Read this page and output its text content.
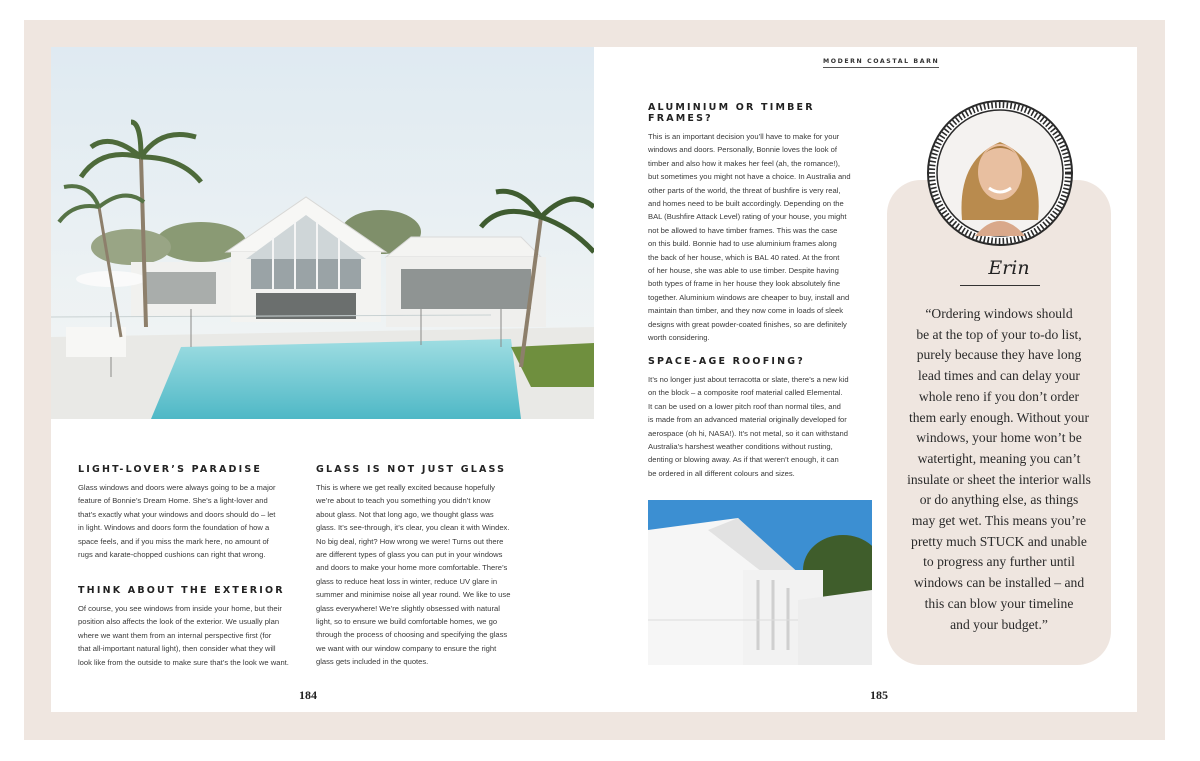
LIGHT-LOVER’S PARADISE

Glass windows and doors were always going to be a major

feature of Bonnie’s Dream Home. She’s a light-lover and

that’s exactly what your windows and doors should do – let

in light. Windows and doors form the foundation of how a

space feels, and if you miss the mark here, no amount of

rugs and karate-chopped cushions can right that wrong.

THINK ABOUT THE EXTERIOR

Of course, you see windows from inside your home, but their

position also affects the look of the exterior. We usually plan

where we want them from an internal perspective first (for

that all-important natural light), then consider what they will

look like from the outside to make sure that’s the look we want.

GLASS IS NOT JUST GLASS

This is where we get really excited because hopefully

we’re about to teach you something you didn’t know

about glass. Not that long ago, we thought glass was

glass. It’s see-through, it’s clear, you clean it with Windex.

No big deal, right? How wrong we were! Turns out there

are different types of glass you can put in your windows

and doors to make your home more comfortable. There’s

glass to reduce heat loss in winter, reduce UV glare in

summer and minimise noise all year round. We like to use

glass everywhere! We’re slightly obsessed with natural

light, so to ensure we build comfortable homes, we go

through the process of choosing and specifying the glass

we want with our window company to ensure the right

glass gets included in the quotes.

184
MODERN COASTAL BARN

ALUMINIUM OR TIMBER FRAMES?

This is an important decision you’ll have to make for your

windows and doors. Personally, Bonnie loves the look of

timber and also how it makes her feel (ah, the romance!),

but sometimes you might not have a choice. In Australia and

other parts of the world, the threat of bushfire is very real,

and homes need to be built accordingly. Depending on the

BAL (Bushfire Attack Level) rating of your house, you might

not be allowed to have timber frames. This was the case

on this build. Bonnie had to use aluminium frames along

the back of her house, which is BAL 40 rated. At the front

of her house, she was able to use timber. Despite having

both types of frame in her house they look absolutely fine

together. Aluminium windows are cheaper to buy, install and

maintain than timber, and they now come in loads of sleek

designs with great powder-coated finishes, so are definitely

worth considering.

SPACE-AGE ROOFING?

It’s no longer just about terracotta or slate, there’s a new kid

on the block – a composite roof material called Elemental.

It can be used on a lower pitch roof than normal tiles, and

is made from an advanced material originally developed for

aerospace (oh hi, NASA!). It’s not metal, so it can withstand

Australia’s harshest weather conditions without rusting,

denting or blowing away. As if that weren’t enough, it can

be ordered in all different colours and sizes.

Erin
“Ordering windows should
be at the top of your to-do list,
purely because they have long
lead times and can delay your
whole reno if you don’t order
them early enough. Without your
windows, your home won’t be
watertight, meaning you can’t
insulate or sheet the interior walls
or do anything else, as things
may get wet. This means you’re
pretty much STUCK and unable
to progress any further until
windows can be installed – and
this can blow your timeline
and your budget.”
185
